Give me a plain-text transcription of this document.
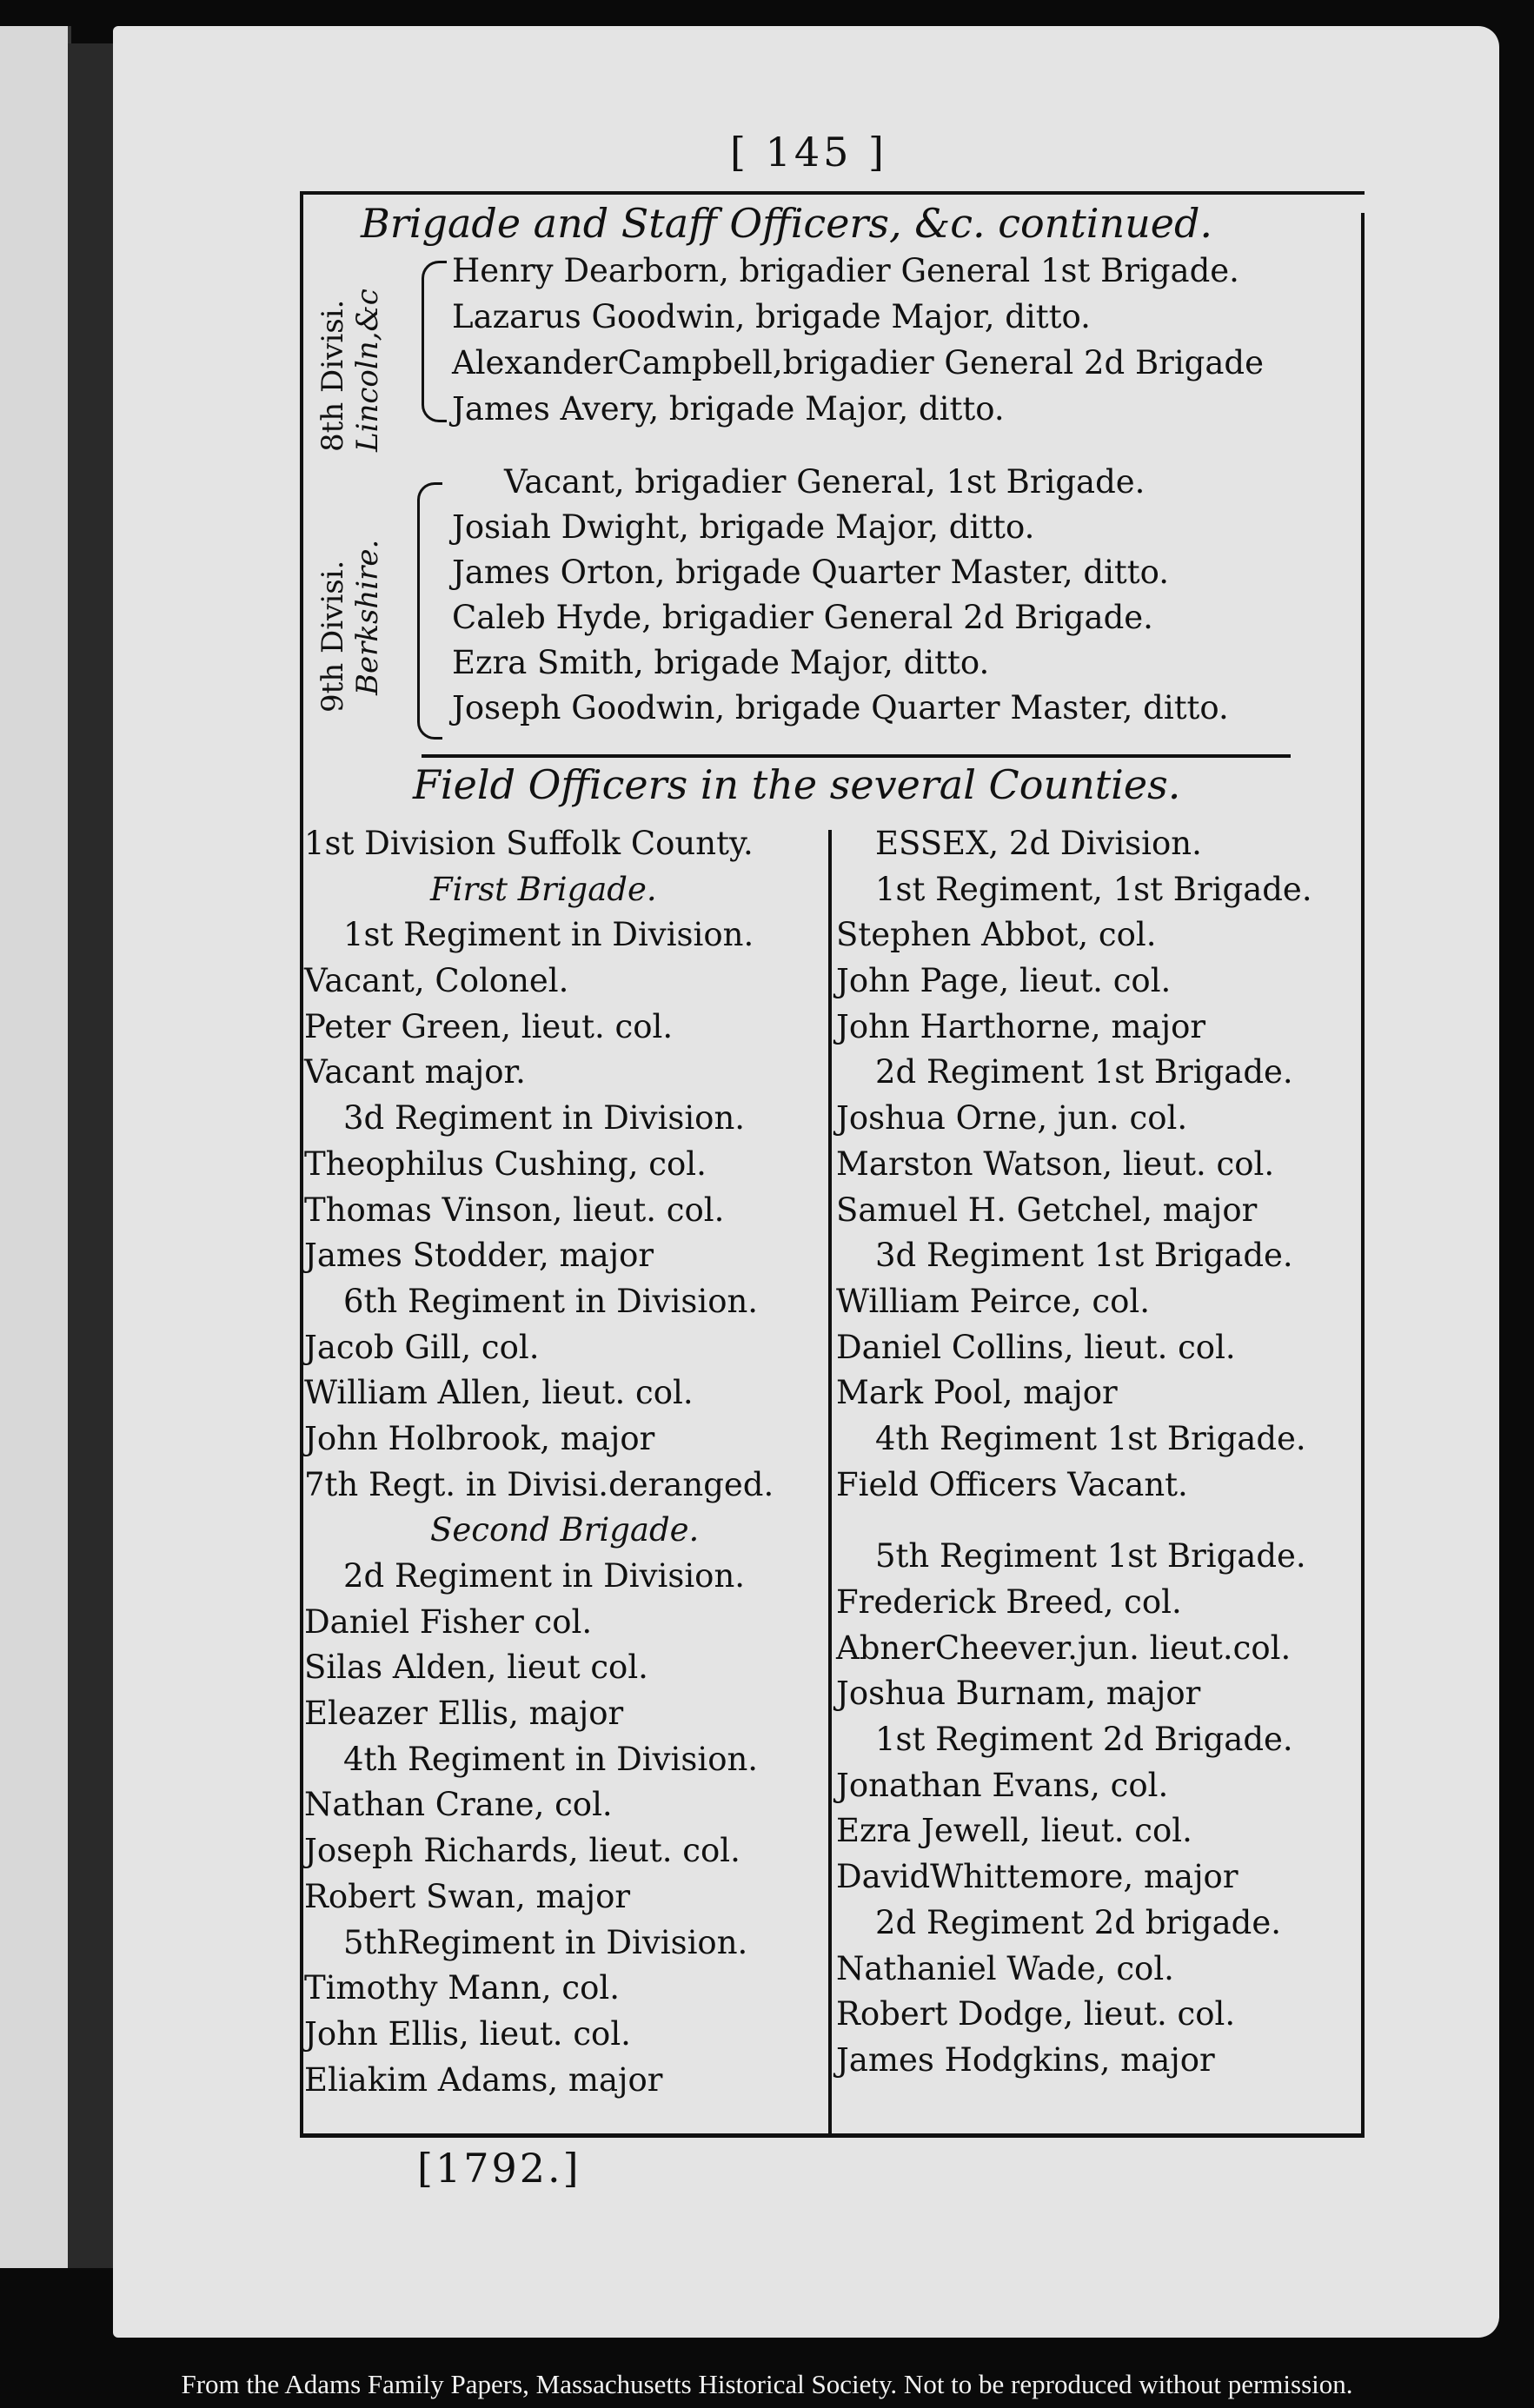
[ 145 ]
Brigade and Staff Officers, &c. continued.
8th Divisi. Lincoln,&c
Henry Dearborn, brigadier General 1st Brigade.
Lazarus Goodwin, brigade Major, ditto.
AlexanderCampbell,brigadier General 2d Brigade
James Avery, brigade Major, ditto.
9th Divisi. Berkshire.
Vacant, brigadier General, 1st Brigade.
Josiah Dwight, brigade Major, ditto.
James Orton, brigade Quarter Master, ditto.
Caleb Hyde, brigadier General 2d Brigade.
Ezra Smith, brigade Major, ditto.
Joseph Goodwin, brigade Quarter Master, ditto.
Field Officers in the several Counties.
1st Division Suffolk County.
First Brigade.
1st Regiment in Division.
Vacant, Colonel.
Peter Green, lieut. col.
Vacant major.
3d Regiment in Division.
Theophilus Cushing, col.
Thomas Vinson, lieut. col.
James Stodder, major
6th Regiment in Division.
Jacob Gill, col.
William Allen, lieut. col.
John Holbrook, major
7th Regt. in Divisi.deranged.
Second Brigade.
2d Regiment in Division.
Daniel Fisher col.
Silas Alden, lieut col.
Eleazer Ellis, major
4th Regiment in Division.
Nathan Crane, col.
Joseph Richards, lieut. col.
Robert Swan, major
5thRegiment in Division.
Timothy Mann, col.
John Ellis, lieut. col.
Eliakim Adams, major
ESSEX, 2d Division.
1st Regiment, 1st Brigade.
Stephen Abbot, col.
John Page, lieut. col.
John Harthorne, major
2d Regiment 1st Brigade.
Joshua Orne, jun. col.
Marston Watson, lieut. col.
Samuel H. Getchel, major
3d Regiment 1st Brigade.
William Peirce, col.
Daniel Collins, lieut. col.
Mark Pool, major
4th Regiment 1st Brigade.
Field Officers Vacant.
5th Regiment 1st Brigade.
Frederick Breed, col.
AbnerCheever.jun. lieut.col.
Joshua Burnam, major
1st Regiment 2d Brigade.
Jonathan Evans, col.
Ezra Jewell, lieut. col.
DavidWhittemore, major
2d Regiment 2d brigade.
Nathaniel Wade, col.
Robert Dodge, lieut. col.
James Hodgkins, major
[1792.]
From the Adams Family Papers, Massachusetts Historical Society. Not to be reproduced without permission.
